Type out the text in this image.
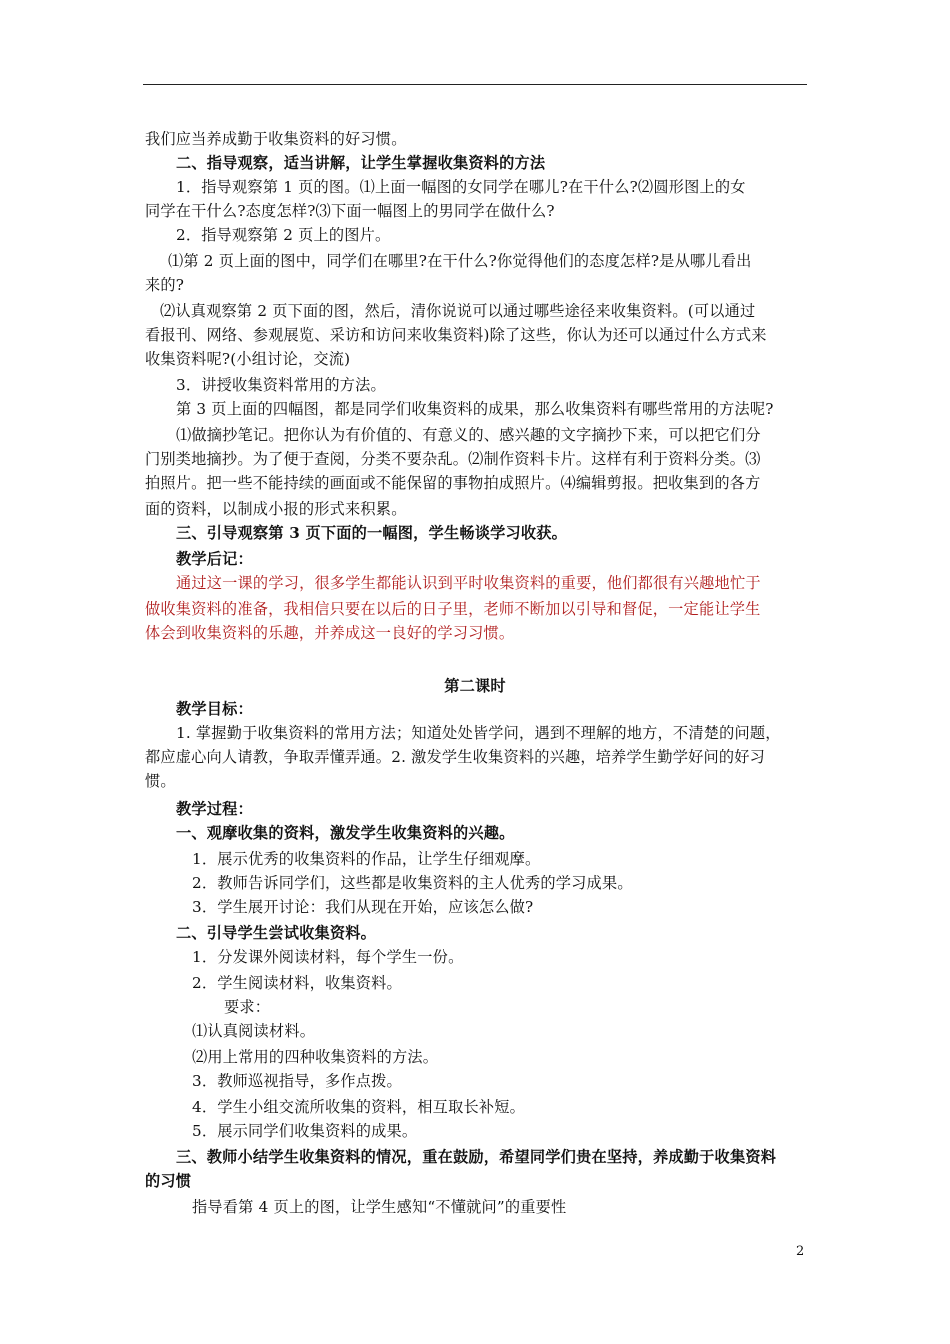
我们应当养成勤于收集资料的好习惯。
二、指导观察，适当讲解，让学生掌握收集资料的方法
1．指导观察第 1 页的图。⑴上面一幅图的女同学在哪儿?在干什么?⑵圆形图上的女
同学在干什么?态度怎样?⑶下面一幅图上的男同学在做什么?
2．指导观察第 2 页上的图片。
⑴第 2 页上面的图中，同学们在哪里?在干什么?你觉得他们的态度怎样?是从哪儿看出
来的?
⑵认真观察第 2 页下面的图，然后，清你说说可以通过哪些途径来收集资料。(可以通过
看报刊、网络、参观展览、采访和访问来收集资料)除了这些，你认为还可以通过什么方式来
收集资料呢?(小组讨论，交流)
3．讲授收集资料常用的方法。
第 3 页上面的四幅图，都是同学们收集资料的成果，那么收集资料有哪些常用的方法呢?
⑴做摘抄笔记。把你认为有价值的、有意义的、感兴趣的文字摘抄下来，可以把它们分
门别类地摘抄。为了便于查阅，分类不要杂乱。⑵制作资料卡片。这样有利于资料分类。⑶
拍照片。把一些不能持续的画面或不能保留的事物拍成照片。⑷编辑剪报。把收集到的各方
面的资料，以制成小报的形式来积累。
三、引导观察第 3 页下面的一幅图，学生畅谈学习收获。
教学后记：
通过这一课的学习，很多学生都能认识到平时收集资料的重要，他们都很有兴趣地忙于
做收集资料的准备，我相信只要在以后的日子里，老师不断加以引导和督促，一定能让学生
体会到收集资料的乐趣，并养成这一良好的学习习惯。
第二课时
教学目标：
1. 掌握勤于收集资料的常用方法；知道处处皆学问，遇到不理解的地方，不清楚的问题，
都应虚心向人请教，争取弄懂弄通。2. 激发学生收集资料的兴趣，培养学生勤学好问的好习
惯。
教学过程：
一、观摩收集的资料，激发学生收集资料的兴趣。
1．展示优秀的收集资料的作品，让学生仔细观摩。
2．教师告诉同学们，这些都是收集资料的主人优秀的学习成果。
3．学生展开讨论：我们从现在开始，应该怎么做?
二、引导学生尝试收集资料。
1．分发课外阅读材料，每个学生一份。
2．学生阅读材料，收集资料。
要求：
⑴认真阅读材料。
⑵用上常用的四种收集资料的方法。
3．教师巡视指导，多作点拨。
4．学生小组交流所收集的资料，相互取长补短。
5．展示同学们收集资料的成果。
三、教师小结学生收集资料的情况，重在鼓励，希望同学们贵在坚持，养成勤于收集资料
的习惯
指导看第 4 页上的图，让学生感知“不懂就问”的重要性
2
